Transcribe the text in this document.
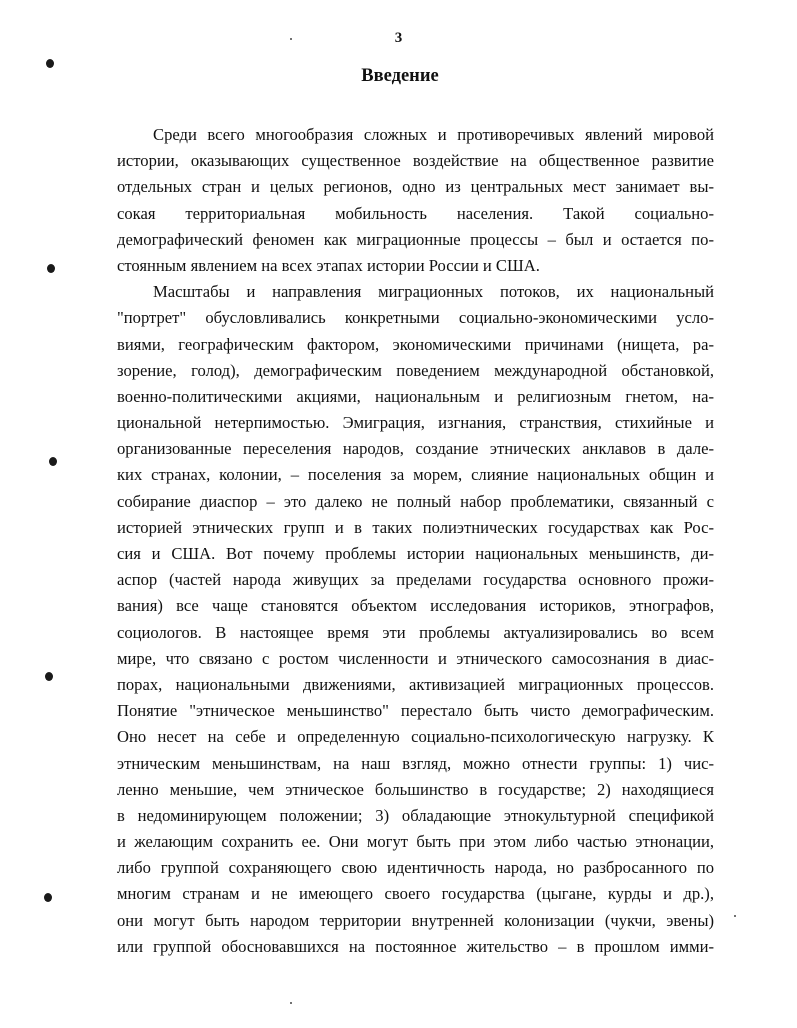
3
Введение
Среди всего многообразия сложных и противоречивых явлений мировой
истории, оказывающих существенное воздействие на общественное развитие
отдельных стран и целых регионов, одно из центральных мест занимает вы-
сокая территориальная мобильность населения. Такой социально-
демографический феномен как миграционные процессы – был и остается по-
стоянным явлением на всех этапах истории России и США.
Масштабы и направления миграционных потоков, их национальный
"портрет" обусловливались конкретными социально-экономическими усло-
виями, географическим фактором, экономическими причинами (нищета, ра-
зорение, голод), демографическим поведением международной обстановкой,
военно-политическими акциями, национальным и религиозным гнетом, на-
циональной нетерпимостью. Эмиграция, изгнания, странствия, стихийные и
организованные переселения народов, создание этнических анклавов в дале-
ких странах, колонии, – поселения за морем, слияние национальных общин и
собирание диаспор – это далеко не полный набор проблематики, связанный с
историей этнических групп и в таких полиэтнических государствах как Рос-
сия и США. Вот почему проблемы истории национальных меньшинств, ди-
аспор (частей народа живущих за пределами государства основного прожи-
вания) все чаще становятся объектом исследования историков, этнографов,
социологов. В настоящее время эти проблемы актуализировались во всем
мире, что связано с ростом численности и этнического самосознания в диас-
порах, национальными движениями, активизацией миграционных процессов.
Понятие "этническое меньшинство" перестало быть чисто демографическим.
Оно несет на себе и определенную социально-психологическую нагрузку. К
этническим меньшинствам, на наш взгляд, можно отнести группы: 1) чис-
ленно меньшие, чем этническое большинство в государстве; 2) находящиеся
в недоминирующем положении; 3) обладающие этнокультурной спецификой
и желающим сохранить ее. Они могут быть при этом либо частью этнонации,
либо группой сохраняющего свою идентичность народа, но разбросанного по
многим странам и не имеющего своего государства (цыгане, курды и др.),
они могут быть народом территории внутренней колонизации (чукчи, эвены)
или группой обосновавшихся на постоянное жительство – в прошлом имми-
